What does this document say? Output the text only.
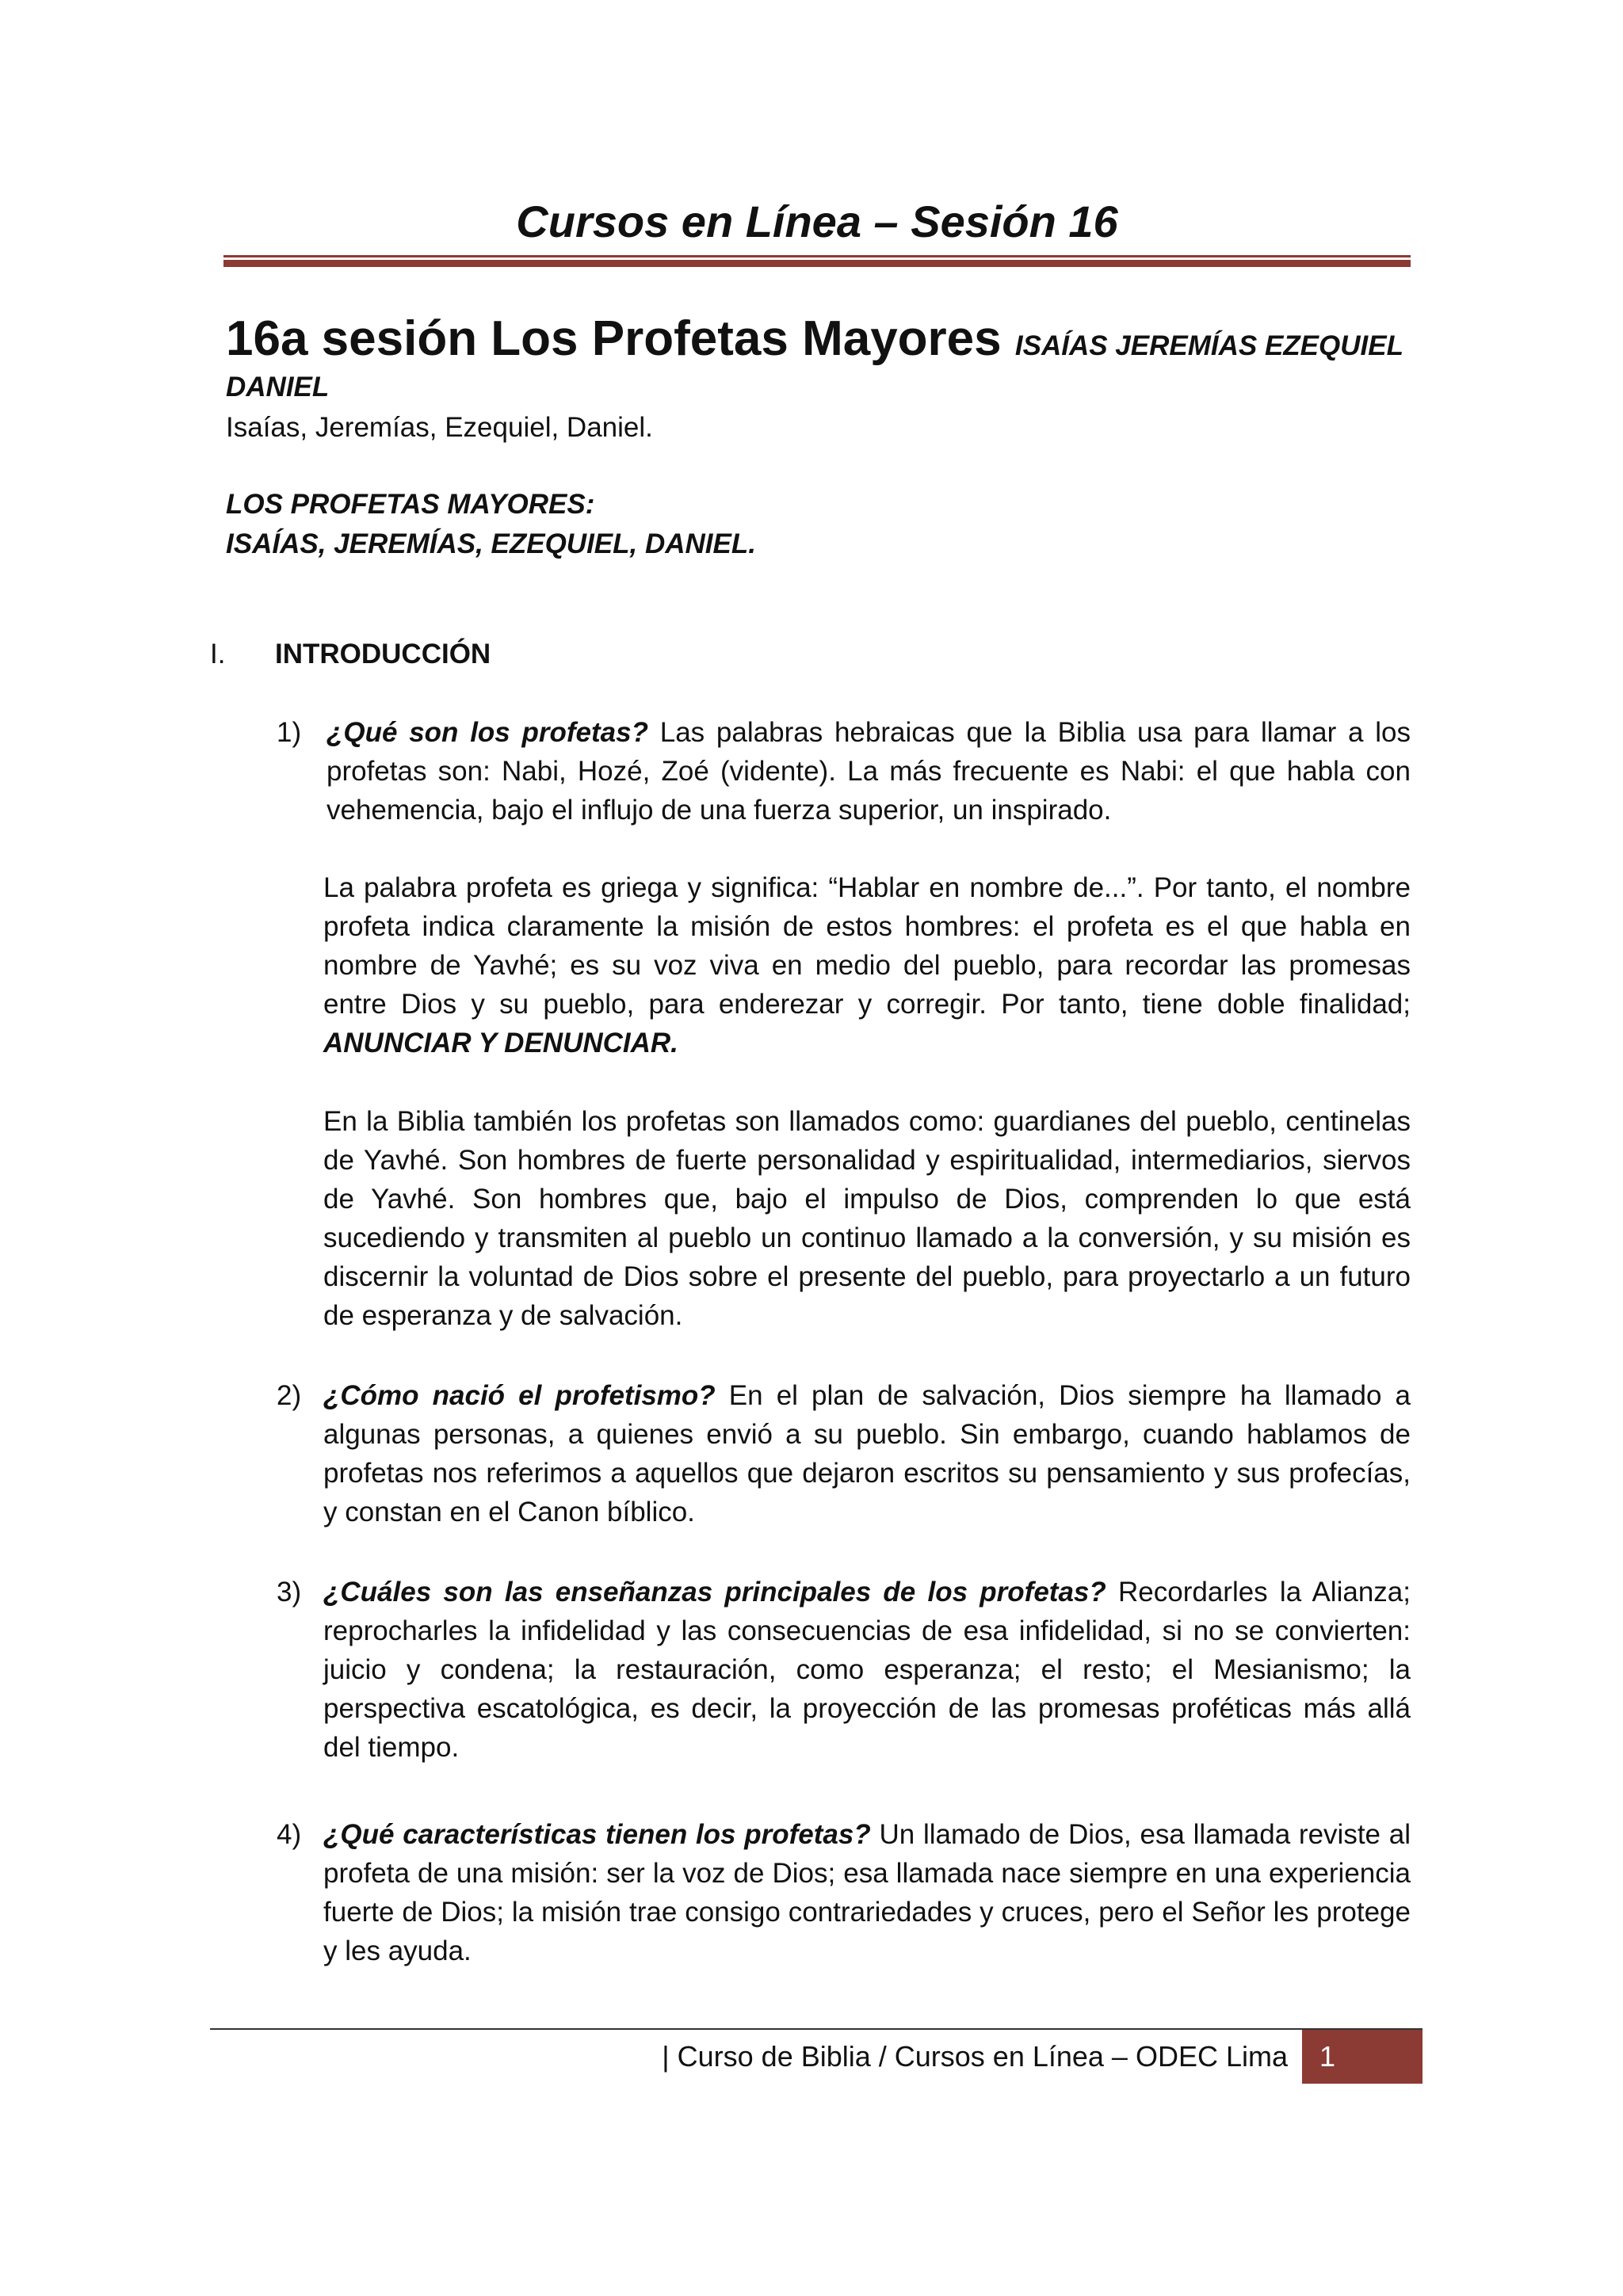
Cursos en Línea – Sesión 16
16a sesión Los Profetas Mayores ISAÍAS JEREMÍAS EZEQUIEL
DANIEL
Isaías, Jeremías, Ezequiel, Daniel.
LOS PROFETAS MAYORES:
ISAÍAS, JEREMÍAS, EZEQUIEL, DANIEL.
I. INTRODUCCIÓN
1) ¿Qué son los profetas? Las palabras hebraicas que la Biblia usa para llamar a los profetas son: Nabi, Hozé, Zoé (vidente). La más frecuente es Nabi: el que habla con vehemencia, bajo el influjo de una fuerza superior, un inspirado.
La palabra profeta es griega y significa: “Hablar en nombre de...”. Por tanto, el nombre profeta indica claramente la misión de estos hombres: el profeta es el que habla en nombre de Yavhé; es su voz viva en medio del pueblo, para recordar las promesas entre Dios y su pueblo, para enderezar y corregir. Por tanto, tiene doble finalidad; ANUNCIAR Y DENUNCIAR.
En la Biblia también los profetas son llamados como: guardianes del pueblo, centinelas de Yavhé. Son hombres de fuerte personalidad y espiritualidad, intermediarios, siervos de Yavhé. Son hombres que, bajo el impulso de Dios, comprenden lo que está sucediendo y transmiten al pueblo un continuo llamado a la conversión, y su misión es discernir la voluntad de Dios sobre el presente del pueblo, para proyectarlo a un futuro de esperanza y de salvación.
2) ¿Cómo nació el profetismo? En el plan de salvación, Dios siempre ha llamado a algunas personas, a quienes envió a su pueblo. Sin embargo, cuando hablamos de profetas nos referimos a aquellos que dejaron escritos su pensamiento y sus profecías, y constan en el Canon bíblico.
3) ¿Cuáles son las enseñanzas principales de los profetas? Recordarles la Alianza; reprocharles la infidelidad y las consecuencias de esa infidelidad, si no se convierten: juicio y condena; la restauración, como esperanza; el resto; el Mesianismo; la perspectiva escatológica, es decir, la proyección de las promesas proféticas más allá del tiempo.
4) ¿Qué características tienen los profetas? Un llamado de Dios, esa llamada reviste al profeta de una misión: ser la voz de Dios; esa llamada nace siempre en una experiencia fuerte de Dios; la misión trae consigo contrariedades y cruces, pero el Señor les protege y les ayuda.
| Curso de Biblia / Cursos en Línea – ODEC Lima	1
